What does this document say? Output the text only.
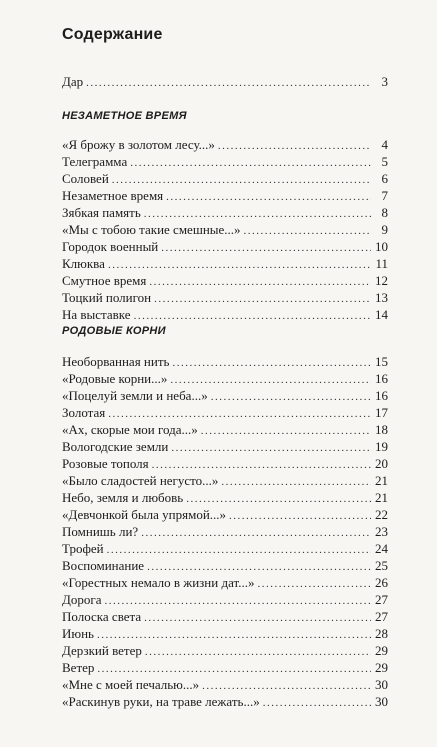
Содержание
Дар .....	3
НЕЗАМЕТНОЕ ВРЕМЯ
«Я брожу в золотом лесу...» .....	4
Телеграмма .....	5
Соловей .....	6
Незаметное время .....	7
Зябкая память .....	8
«Мы с тобою такие смешные...» .....	9
Городок военный .....	10
Клюква .....	11
Смутное время .....	12
Тоцкий полигон .....	13
На выставке .....	14
РОДОВЫЕ КОРНИ
Необорванная нить .....	15
«Родовые корни...» .....	16
«Поцелуй земли и неба...» .....	16
Золотая .....	17
«Ах, скорые мои года...» .....	18
Вологодские земли .....	19
Розовые тополя .....	20
«Было сладостей негусто...» .....	21
Небо, земля и любовь .....	21
«Девчонкой была упрямой...» .....	22
Помнишь ли? .....	23
Трофей .....	24
Воспоминание .....	25
«Горестных немало в жизни дат...» .....	26
Дорога .....	27
Полоска света .....	27
Июнь .....	28
Дерзкий ветер .....	29
Ветер .....	29
«Мне с моей печалью...» .....	30
«Раскинув руки, на траве лежать...» .....	30
